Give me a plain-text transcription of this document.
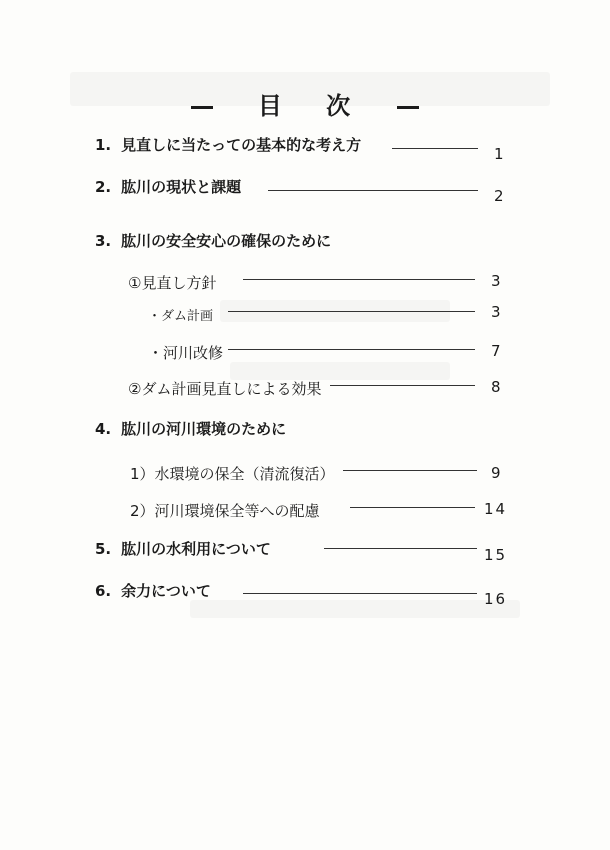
目 次
1. 見直しに当たっての基本的な考え方	1
2. 肱川の現状と課題	2
3. 肱川の安全安心の確保のために
①見直し方針	3
・ダム計画	3
・河川改修	7
②ダム計画見直しによる効果	8
4. 肱川の河川環境のために
1）水環境の保全（清流復活）	9
2）河川環境保全等への配慮	14
5. 肱川の水利用について	15
6. 余力について	16
